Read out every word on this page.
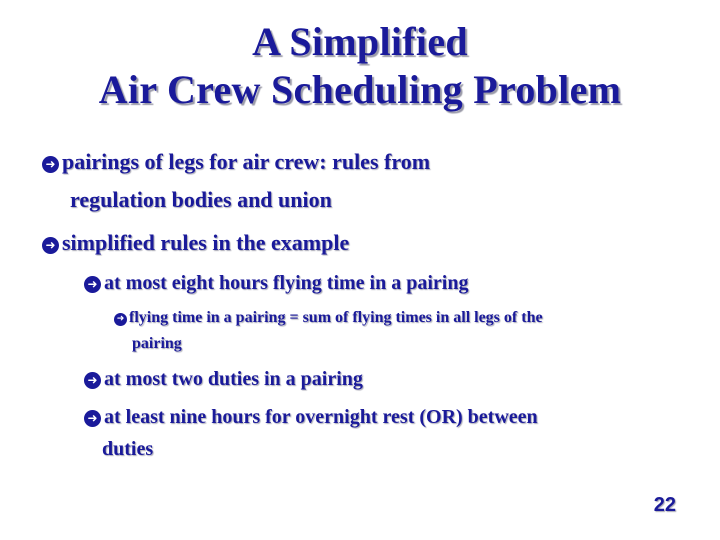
A Simplified
Air Crew Scheduling Problem
➜ pairings of legs for air crew: rules from
regulation bodies and union
➜ simplified rules in the example
➜ at most eight hours flying time in a pairing
➜ flying time in a pairing = sum of flying times in all legs of the
pairing
➜ at most two duties in a pairing
➜ at least nine hours for overnight rest (OR) between
duties
22
